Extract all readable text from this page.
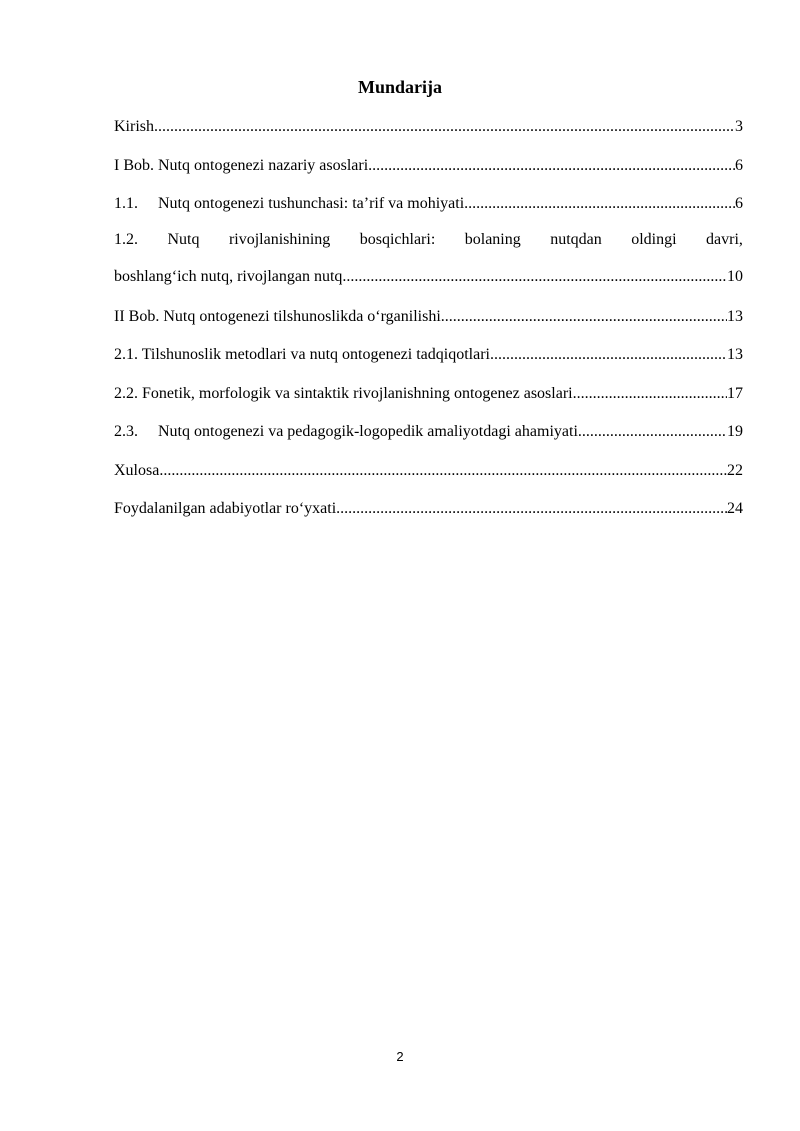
Mundarija
Kirish .....	3
I Bob. Nutq ontogenezi nazariy asoslari .....	6
1.1.	Nutq ontogenezi tushunchasi: ta’rif va mohiyati .....	6
1.2. Nutq rivojlanishining bosqichlari: bolaning nutqdan oldingi davri,
boshlang‘ich nutq, rivojlangan nutq .....	10
II Bob. Nutq ontogenezi tilshunoslikda o‘rganilishi .....	13
2.1. Tilshunoslik metodlari va nutq ontogenezi tadqiqotlari .....	13
2.2. Fonetik, morfologik va sintaktik rivojlanishning ontogenez asoslari .....	17
2.3.	Nutq ontogenezi va pedagogik-logopedik amaliyotdagi ahamiyati .....	19
Xulosa .....	22
Foydalanilgan adabiyotlar ro‘yxati .....	24
2
